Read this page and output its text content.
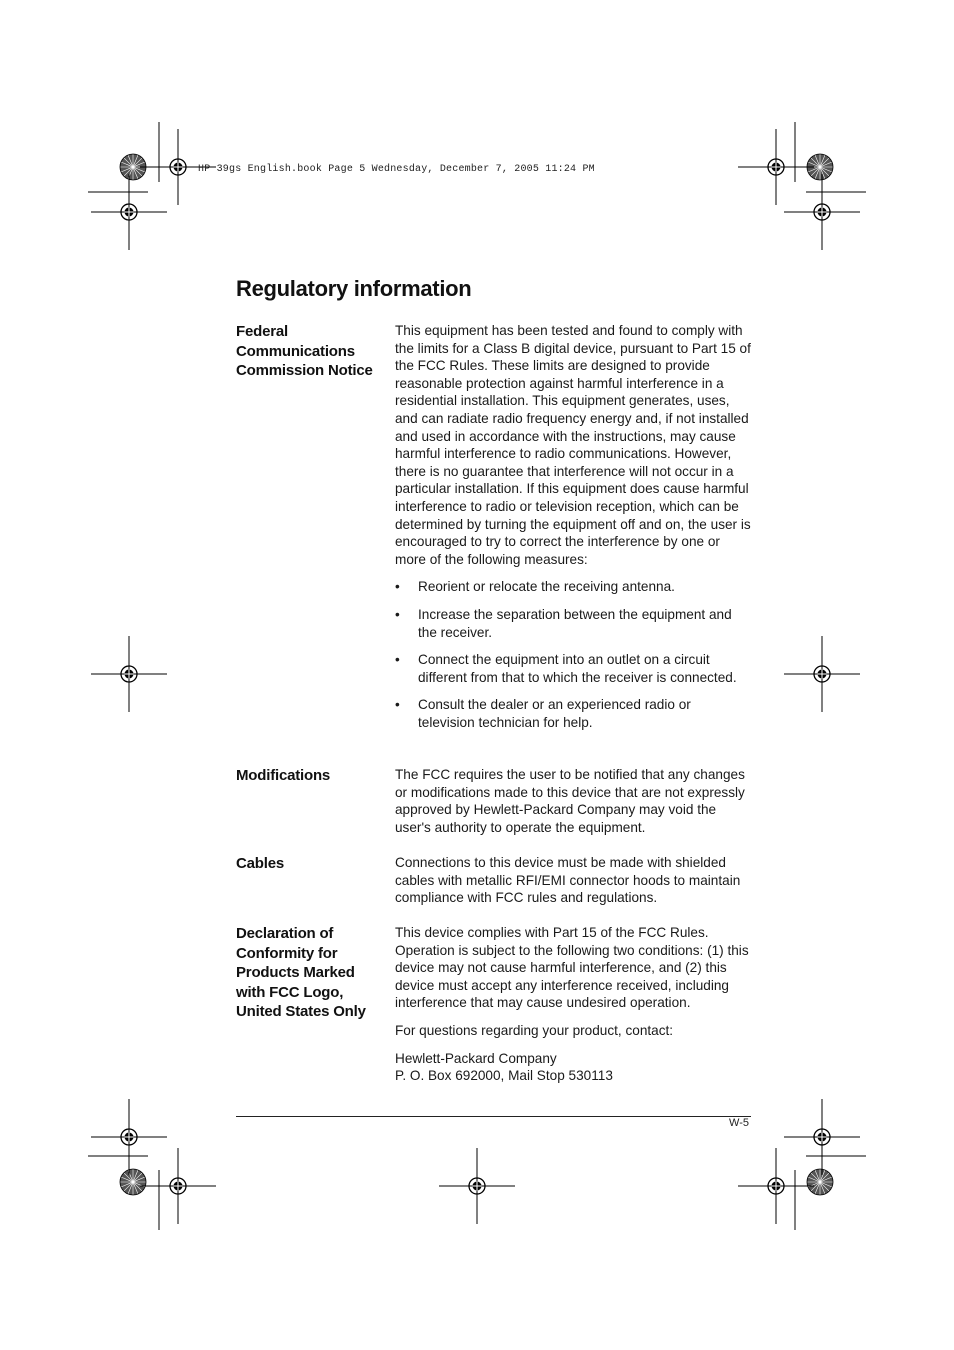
HP 39gs English.book Page 5 Wednesday, December 7, 2005 11:24 PM
Regulatory information
Federal Communications Commission Notice

This equipment has been tested and found to comply with the limits for a Class B digital device, pursuant to Part 15 of the FCC Rules. These limits are designed to provide reasonable protection against harmful interference in a residential installation. This equipment generates, uses, and can radiate radio frequency energy and, if not installed and used in accordance with the instructions, may cause harmful interference to radio communications. However, there is no guarantee that interference will not occur in a particular installation. If this equipment does cause harmful interference to radio or television reception, which can be determined by turning the equipment off and on, the user is encouraged to try to correct the interference by one or more of the following measures:

• Reorient or relocate the receiving antenna.
• Increase the separation between the equipment and the receiver.
• Connect the equipment into an outlet on a circuit different from that to which the receiver is connected.
• Consult the dealer or an experienced radio or television technician for help.
Modifications	The FCC requires the user to be notified that any changes or modifications made to this device that are not expressly approved by Hewlett-Packard Company may void the user's authority to operate the equipment.

Cables	Connections to this device must be made with shielded cables with metallic RFI/EMI connector hoods to maintain compliance with FCC rules and regulations.

Declaration of Conformity for Products Marked with FCC Logo, United States Only

This device complies with Part 15 of the FCC Rules. Operation is subject to the following two conditions: (1) this device may not cause harmful interference, and (2) this device must accept any interference received, including interference that may cause undesired operation.

For questions regarding your product, contact:

Hewlett-Packard Company
P. O. Box 692000, Mail Stop 530113

W-5
